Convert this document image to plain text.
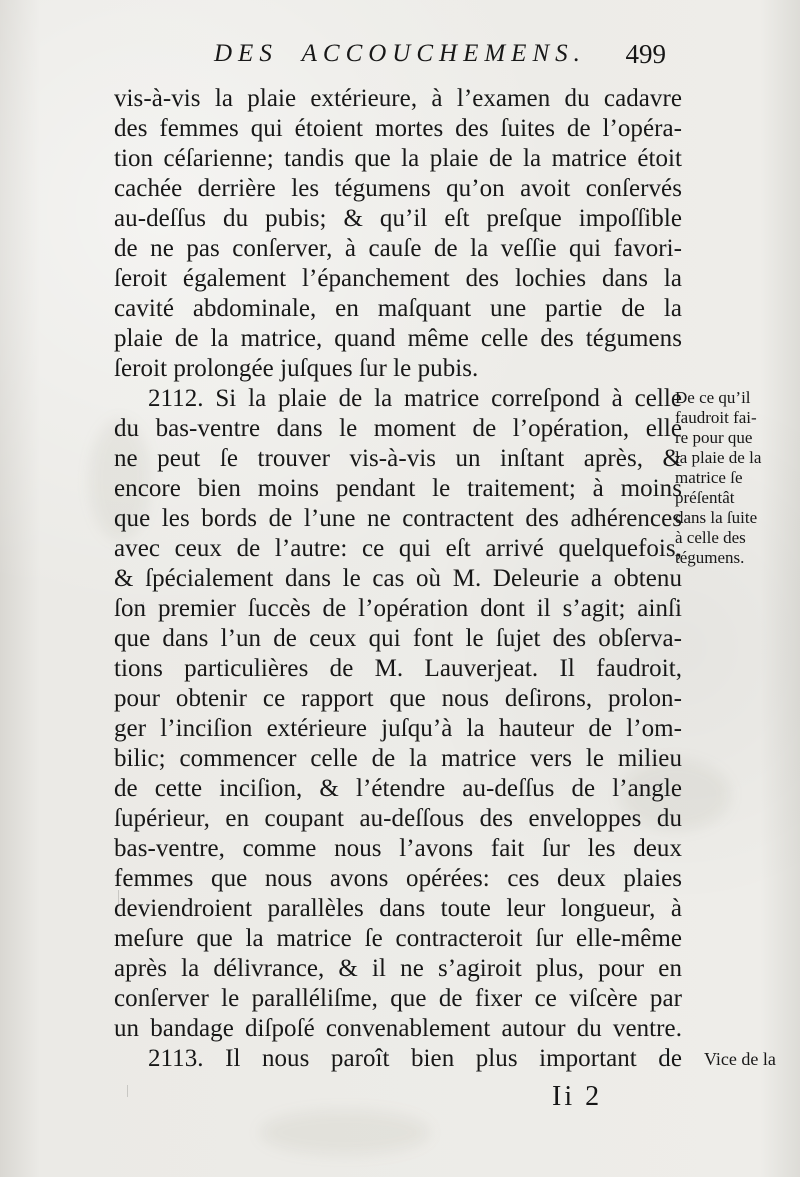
DES ACCOUCHEMENS. 499
vis-à-vis la plaie extérieure, à l’examen du cadavre
des femmes qui étoient mortes des ſuites de l’opéra-
tion céſarienne; tandis que la plaie de la matrice étoit
cachée derrière les tégumens qu’on avoit conſervés
au-deſſus du pubis; & qu’il eſt preſque impoſſible
de ne pas conſerver, à cauſe de la veſſie qui favori-
ſeroit également l’épanchement des lochies dans la
cavité abdominale, en maſquant une partie de la
plaie de la matrice, quand même celle des tégumens
ſeroit prolongée juſques ſur le pubis.
2112. Si la plaie de la matrice correſpond à celle
du bas-ventre dans le moment de l’opération, elle
ne peut ſe trouver vis-à-vis un inſtant après, &
encore bien moins pendant le traitement; à moins
que les bords de l’une ne contractent des adhérences
avec ceux de l’autre: ce qui eſt arrivé quelquefois,
& ſpécialement dans le cas où M. Deleurie a obtenu
ſon premier ſuccès de l’opération dont il s’agit; ainſi
que dans l’un de ceux qui font le ſujet des obſerva-
tions particulières de M. Lauverjeat. Il faudroit,
pour obtenir ce rapport que nous deſirons, prolon-
ger l’inciſion extérieure juſqu’à la hauteur de l’om-
bilic; commencer celle de la matrice vers le milieu
de cette inciſion, & l’étendre au-deſſus de l’angle
ſupérieur, en coupant au-deſſous des enveloppes du
bas-ventre, comme nous l’avons fait ſur les deux
femmes que nous avons opérées: ces deux plaies
deviendroient parallèles dans toute leur longueur, à
meſure que la matrice ſe contracteroit ſur elle-même
après la délivrance, & il ne s’agiroit plus, pour en
conſerver le paralléliſme, que de fixer ce viſcère par
un bandage diſpoſé convenablement autour du ventre.
2113. Il nous paroît bien plus important de
De ce qu’il
faudroit fai-
re pour que
la plaie de la
matrice ſe
préſentât
dans la ſuite
à celle des
tégumens.
Vice de la
Ii 2
